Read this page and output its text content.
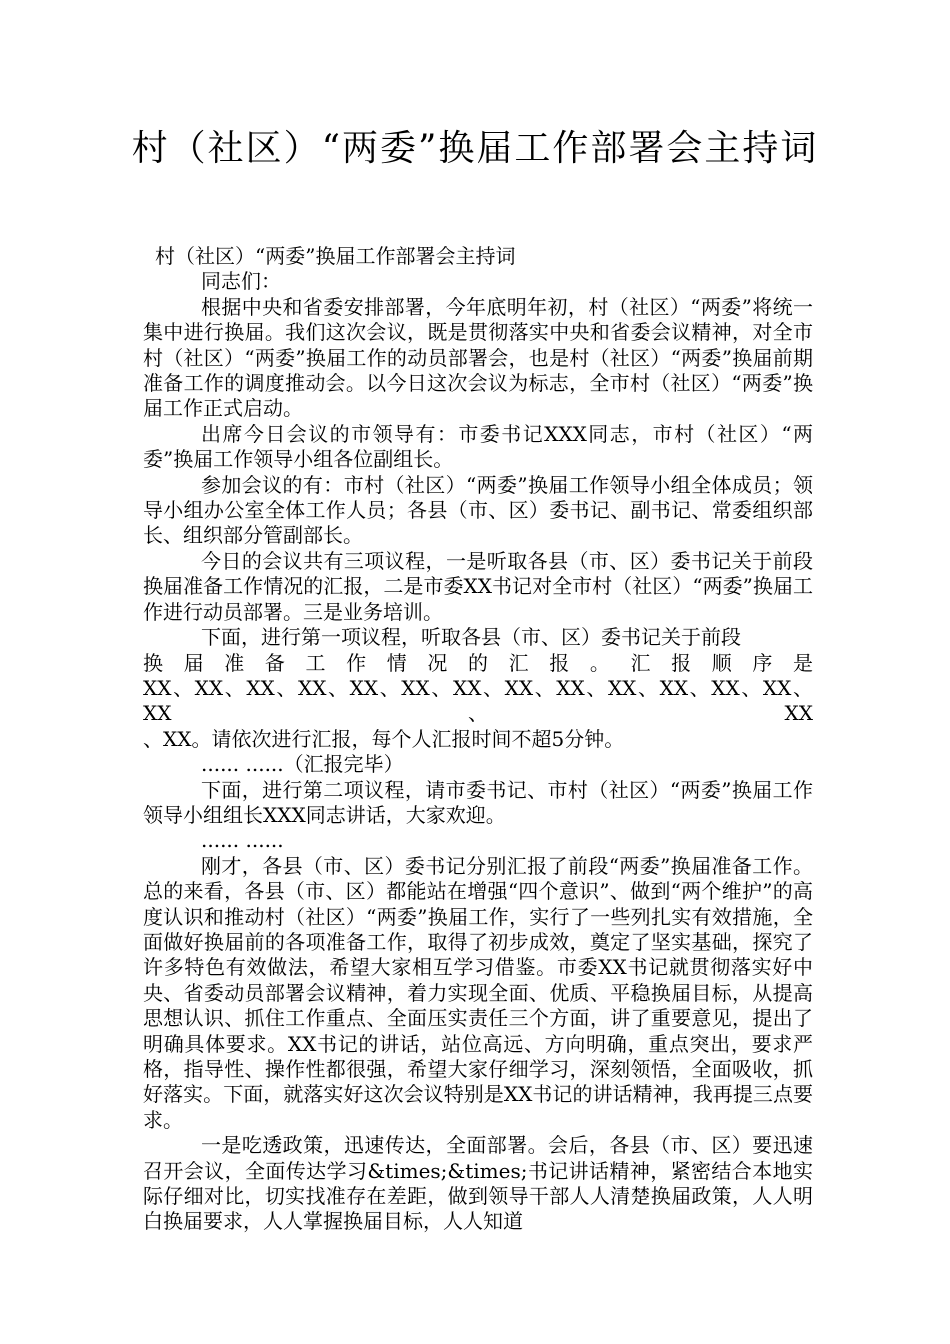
村（社区）“两委”换届工作部署会主持词

村（社区）“两委”换届工作部署会主持词

同志们：

根据中央和省委安排部署，今年底明年初，村（社区）“两委”将统一集中进行换届。我们这次会议，既是贯彻落实中央和省委会议精神，对全市村（社区）“两委”换届工作的动员部署会，也是村（社区）“两委”换届前期准备工作的调度推动会。以今日这次会议为标志，全市村（社区）“两委”换届工作正式启动。

出席今日会议的市领导有：市委书记XXX同志，市村（社区）“两委”换届工作领导小组各位副组长。

参加会议的有：市村（社区）“两委”换届工作领导小组全体成员；领导小组办公室全体工作人员；各县（市、区）委书记、副书记、常委组织部长、组织部分管副部长。

今日的会议共有三项议程，一是听取各县（市、区）委书记关于前段换届准备工作情况的汇报，二是市委XX书记对全市村（社区）“两委”换届工作进行动员部署。三是业务培训。

下面，进行第一项议程，听取各县（市、区）委书记关于前段

换届准备工作情况的汇报。汇报顺序是

XX、XX、XX、XX、XX、XX、XX、XX、XX、XX、XX、XX、XX、XX、XX

、XX。请依次进行汇报，每个人汇报时间不超5分钟。

...... ......（汇报完毕）

下面，进行第二项议程，请市委书记、市村（社区）“两委”换届工作领导小组组长XXX同志讲话，大家欢迎。

...... ......

刚才，各县（市、区）委书记分别汇报了前段“两委”换届准备工作。总的来看，各县（市、区）都能站在增强“四个意识”、做到“两个维护”的高度认识和推动村（社区）“两委”换届工作，实行了一些列扎实有效措施，全面做好换届前的各项准备工作，取得了初步成效，奠定了坚实基础，探究了许多特色有效做法，希望大家相互学习借鉴。市委XX书记就贯彻落实好中央、省委动员部署会议精神，着力实现全面、优质、平稳换届目标，从提高思想认识、抓住工作重点、全面压实责任三个方面，讲了重要意见，提出了明确具体要求。XX书记的讲话，站位高远、方向明确，重点突出，要求严格，指导性、操作性都很强，希望大家仔细学习，深刻领悟，全面吸收，抓好落实。下面，就落实好这次会议特别是XX书记的讲话精神，我再提三点要求。

一是吃透政策，迅速传达，全面部署。会后，各县（市、区）要迅速召开会议，全面传达学习&times;&times;书记讲话精神，紧密结合本地实际仔细对比，切实找准存在差距，做到领导干部人人清楚换届政策，人人明白换届要求，人人掌握换届目标，人人知道
